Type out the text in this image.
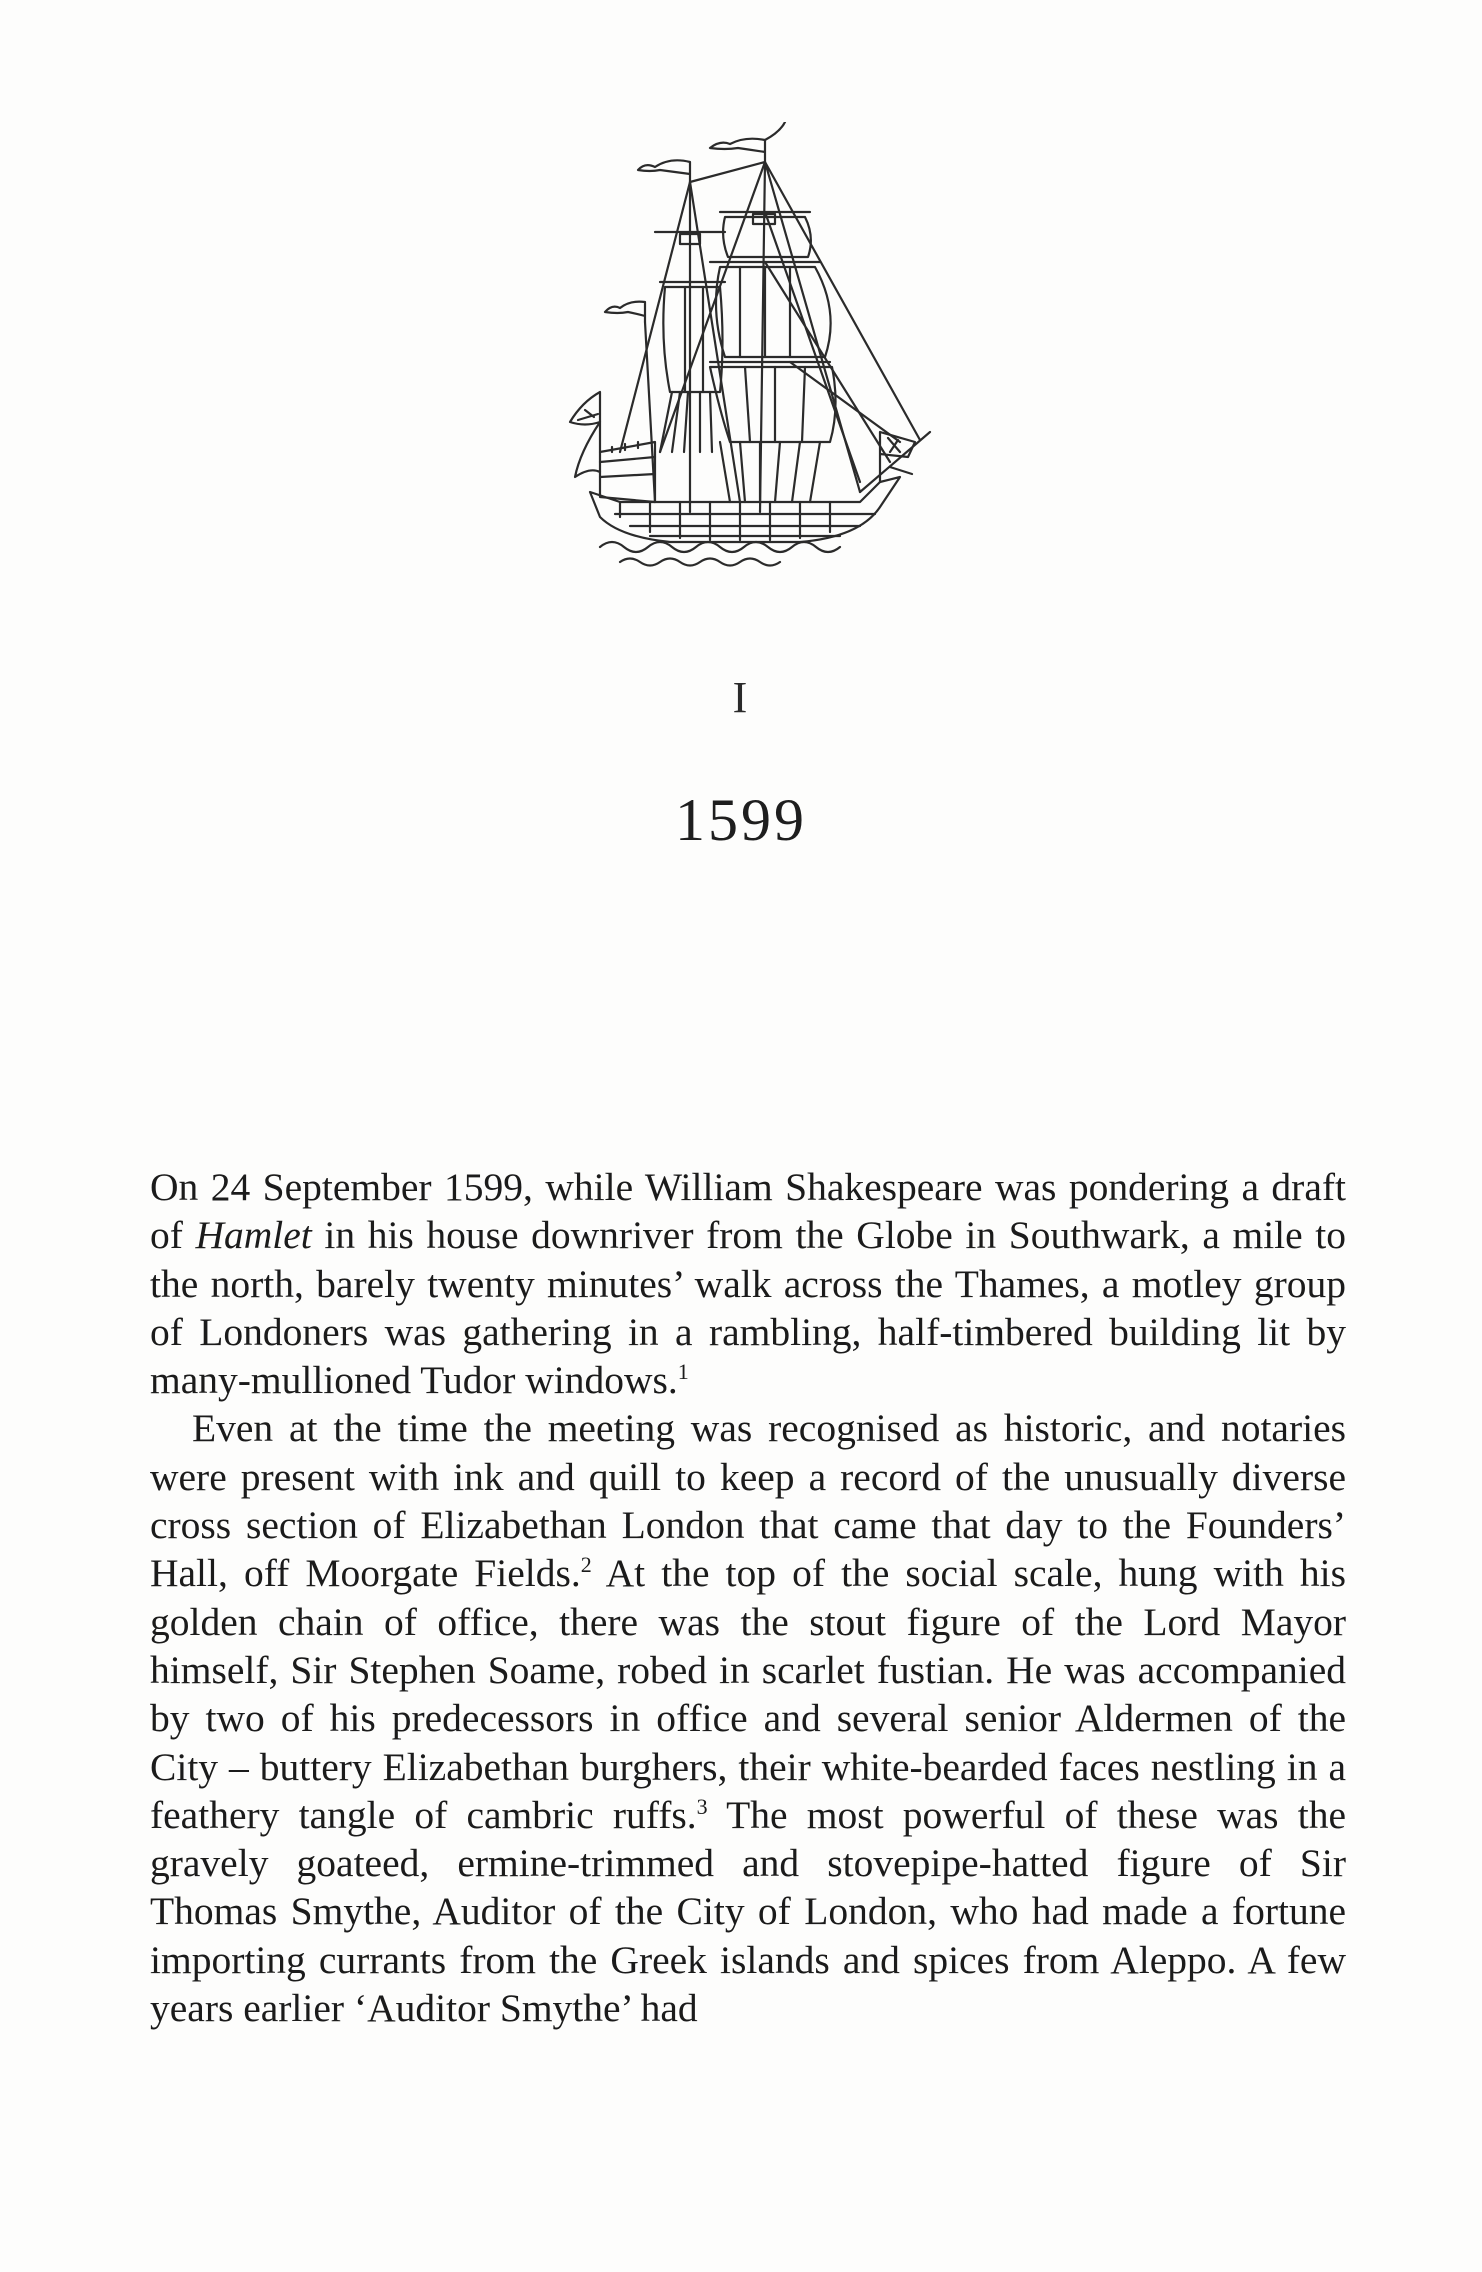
I
1599

On 24 September 1599, while William Shakespeare was pondering a draft of Hamlet in his house downriver from the Globe in Southwark, a mile to the north, barely twenty minutes’ walk across the Thames, a motley group of Londoners was gathering in a rambling, half-timbered building lit by many-mullioned Tudor windows.$^1$

Even at the time the meeting was recognised as historic, and notaries were present with ink and quill to keep a record of the unusually diverse cross section of Elizabethan London that came that day to the Founders’ Hall, off Moorgate Fields.$^2$ At the top of the social scale, hung with his golden chain of office, there was the stout figure of the Lord Mayor himself, Sir Stephen Soame, robed in scarlet fustian. He was accompanied by two of his predecessors in office and several senior Aldermen of the City – buttery Elizabethan burghers, their white-bearded faces nestling in a feathery tangle of cambric ruffs.$^3$ The most powerful of these was the gravely goateed, ermine-trimmed and stovepipe-hatted figure of Sir Thomas Smythe, Auditor of the City of London, who had made a fortune importing currants from the Greek islands and spices from Aleppo. A few years earlier ‘Auditor Smythe’ had
